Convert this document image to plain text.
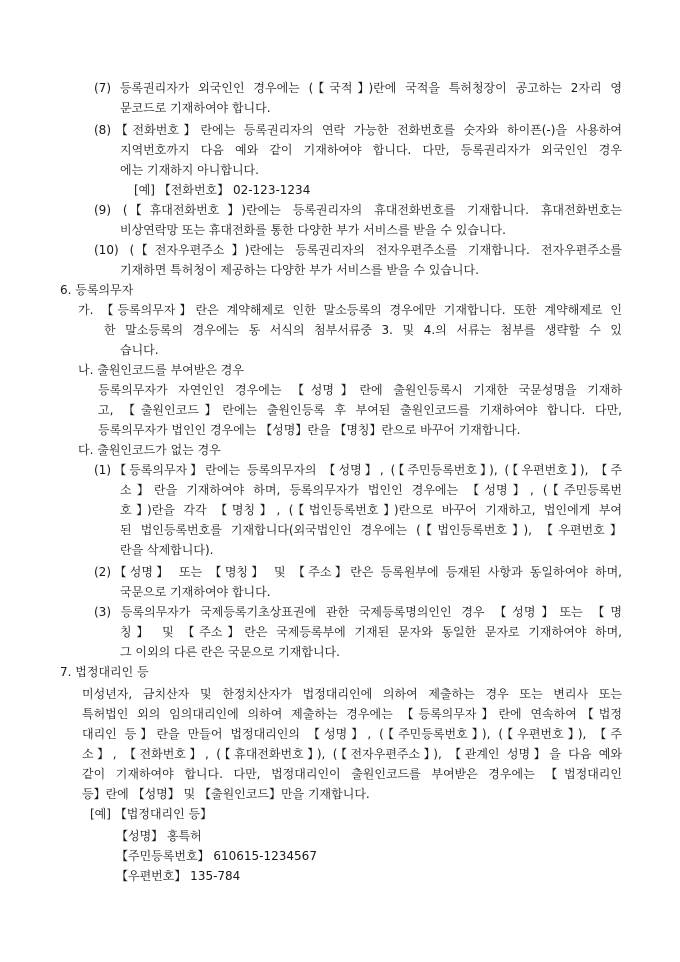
(7) 등록권리자가 외국인인 경우에는 (【국적】)란에 국적을 특허청장이 공고하는 2자리 영
문코드로 기재하여야 합니다.
(8)【전화번호】란에는 등록권리자의 연락 가능한 전화번호를 숫자와 하이픈(-)을 사용하여
지역번호까지 다음 예와 같이 기재하여야 합니다. 다만, 등록권리자가 외국인인 경우
에는 기재하지 아니합니다.
[예] 【전화번호】 02-123-1234
(9) (【휴대전화번호】)란에는 등록권리자의 휴대전화번호를 기재합니다. 휴대전화번호는
비상연락망 또는 휴대전화를 통한 다양한 부가 서비스를 받을 수 있습니다.
(10) (【전자우편주소】)란에는 등록권리자의 전자우편주소를 기재합니다. 전자우편주소를
기재하면 특허청이 제공하는 다양한 부가 서비스를 받을 수 있습니다.
6. 등록의무자
가. 【등록의무자】란은 계약해제로 인한 말소등록의 경우에만 기재합니다. 또한 계약해제로 인
한 말소등록의 경우에는 동 서식의 첨부서류중 3. 및 4.의 서류는 첨부를 생략할 수 있
습니다.
나. 출원인코드를 부여받은 경우
등록의무자가 자연인인 경우에는 【성명】란에 출원인등록시 기재한 국문성명을 기재하
고, 【출원인코드】란에는 출원인등록 후 부여된 출원인코드를 기재하여야 합니다. 다만,
등록의무자가 법인인 경우에는 【성명】란을 【명칭】란으로 바꾸어 기재합니다.
다. 출원인코드가 없는 경우
(1)【등록의무자】란에는 등록의무자의 【성명】, (【주민등록번호】), (【우편번호】), 【주
소】란을 기재하여야 하며, 등록의무자가 법인인 경우에는 【성명】, (【주민등록번
호】)란을 각각 【명칭】, (【법인등록번호】)란으로 바꾸어 기재하고, 법인에게 부여
된 법인등록번호를 기재합니다(외국법인인 경우에는 (【법인등록번호】), 【우편번호】
란을 삭제합니다).
(2)【성명】 또는 【명칭】 및 【주소】란은 등록원부에 등재된 사항과 동일하여야 하며,
국문으로 기재하여야 합니다.
(3) 등록의무자가 국제등록기초상표권에 관한 국제등록명의인인 경우 【성명】또는 【명
칭】 및 【주소】란은 국제등록부에 기재된 문자와 동일한 문자로 기재하여야 하며,
그 이외의 다른 란은 국문으로 기재합니다.
7. 법정대리인 등
미성년자, 금치산자 및 한정치산자가 법정대리인에 의하여 제출하는 경우 또는 변리사 또는
특허법인 외의 임의대리인에 의하여 제출하는 경우에는 【등록의무자】란에 연속하여【법정
대리인 등】란을 만들어 법정대리인의 【성명】, (【주민등록번호】), (【우편번호】), 【주
소】, 【전화번호】, (【휴대전화번호】), (【전자우편주소】), 【관계인 성명】을 다음 예와
같이 기재하여야 합니다. 다만, 법정대리인이 출원인코드를 부여받은 경우에는 【법정대리인
등】란에 【성명】 및 【출원인코드】만을 기재합니다.
[예] 【법정대리인 등】
【성명】 홍특허
【주민등록번호】 610615-1234567
【우편번호】 135-784
